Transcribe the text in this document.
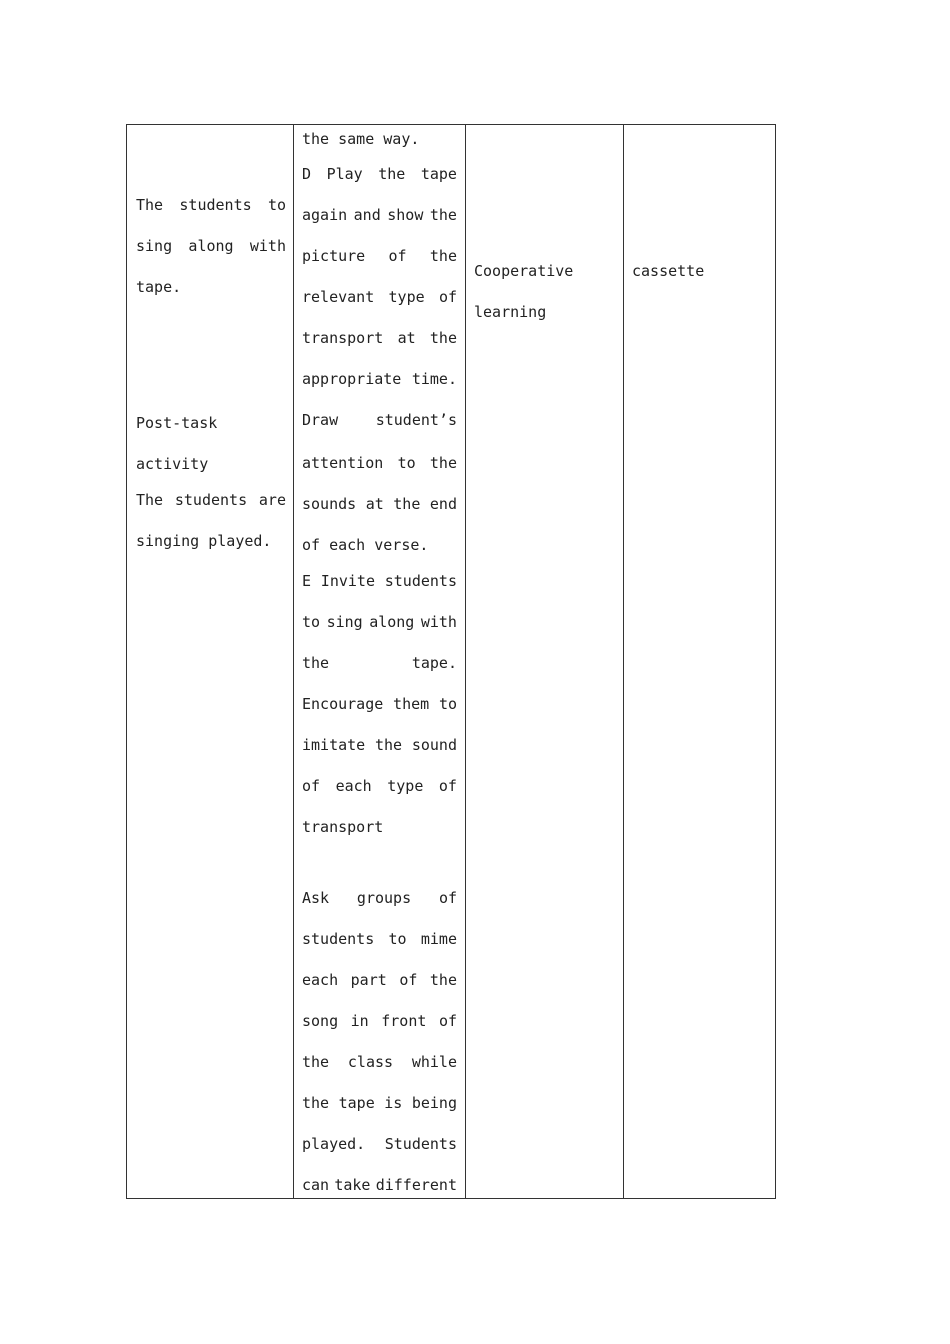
The students to
sing along with
tape.
Post-task
activity
The students are
singing played.
the same way.
D Play the tape
again and show the
picture of the
relevant type of
transport at the
appropriate time.
Draw	student’s
attention to the
sounds at the end
of each verse.
E Invite students
to sing along with
the	tape.
Encourage them to
imitate the sound
of each type of
transport
Ask groups of
students to mime
each part of the
song in front of
the class while
the tape is being
played. Students
can take different
Cooperative
learning
cassette
